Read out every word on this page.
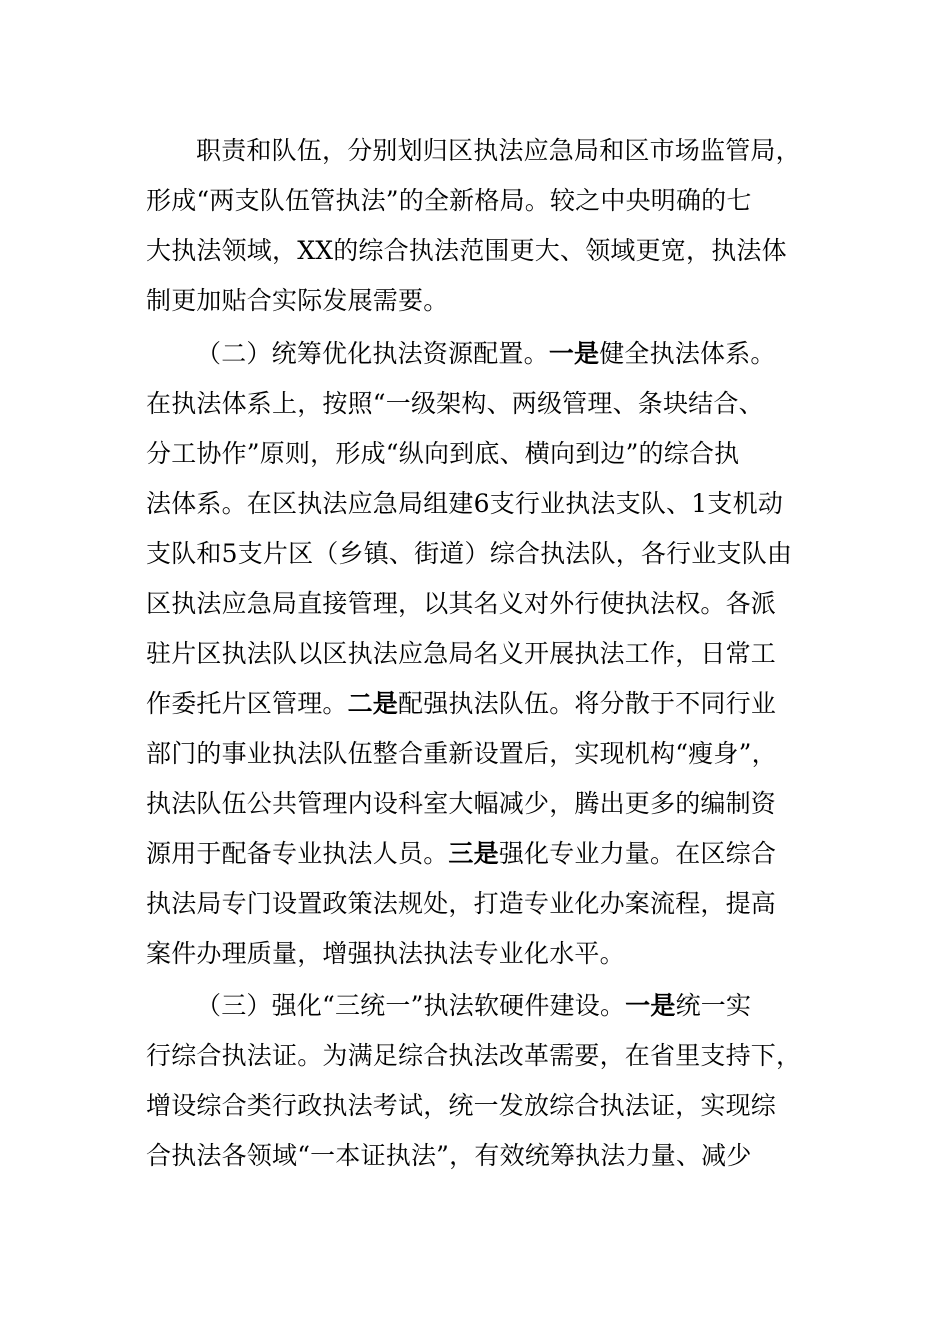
职责和队伍，分别划归区执法应急局和区市场监管局，
形成“两支队伍管执法”的全新格局。较之中央明确的七
大执法领域，XX的综合执法范围更大、领域更宽，执法体
制更加贴合实际发展需要。
（二）统筹优化执法资源配置。一是健全执法体系。
在执法体系上，按照“一级架构、两级管理、条块结合、
分工协作”原则，形成“纵向到底、横向到边”的综合执
法体系。在区执法应急局组建6支行业执法支队、1支机动
支队和5支片区（乡镇、街道）综合执法队，各行业支队由
区执法应急局直接管理，以其名义对外行使执法权。各派
驻片区执法队以区执法应急局名义开展执法工作，日常工
作委托片区管理。二是配强执法队伍。将分散于不同行业
部门的事业执法队伍整合重新设置后，实现机构“瘦身”，
执法队伍公共管理内设科室大幅减少，腾出更多的编制资
源用于配备专业执法人员。三是强化专业力量。在区综合
执法局专门设置政策法规处，打造专业化办案流程，提高
案件办理质量，增强执法执法专业化水平。
（三）强化“三统一”执法软硬件建设。一是统一实
行综合执法证。为满足综合执法改革需要，在省里支持下，
增设综合类行政执法考试，统一发放综合执法证，实现综
合执法各领域“一本证执法”，有效统筹执法力量、减少
